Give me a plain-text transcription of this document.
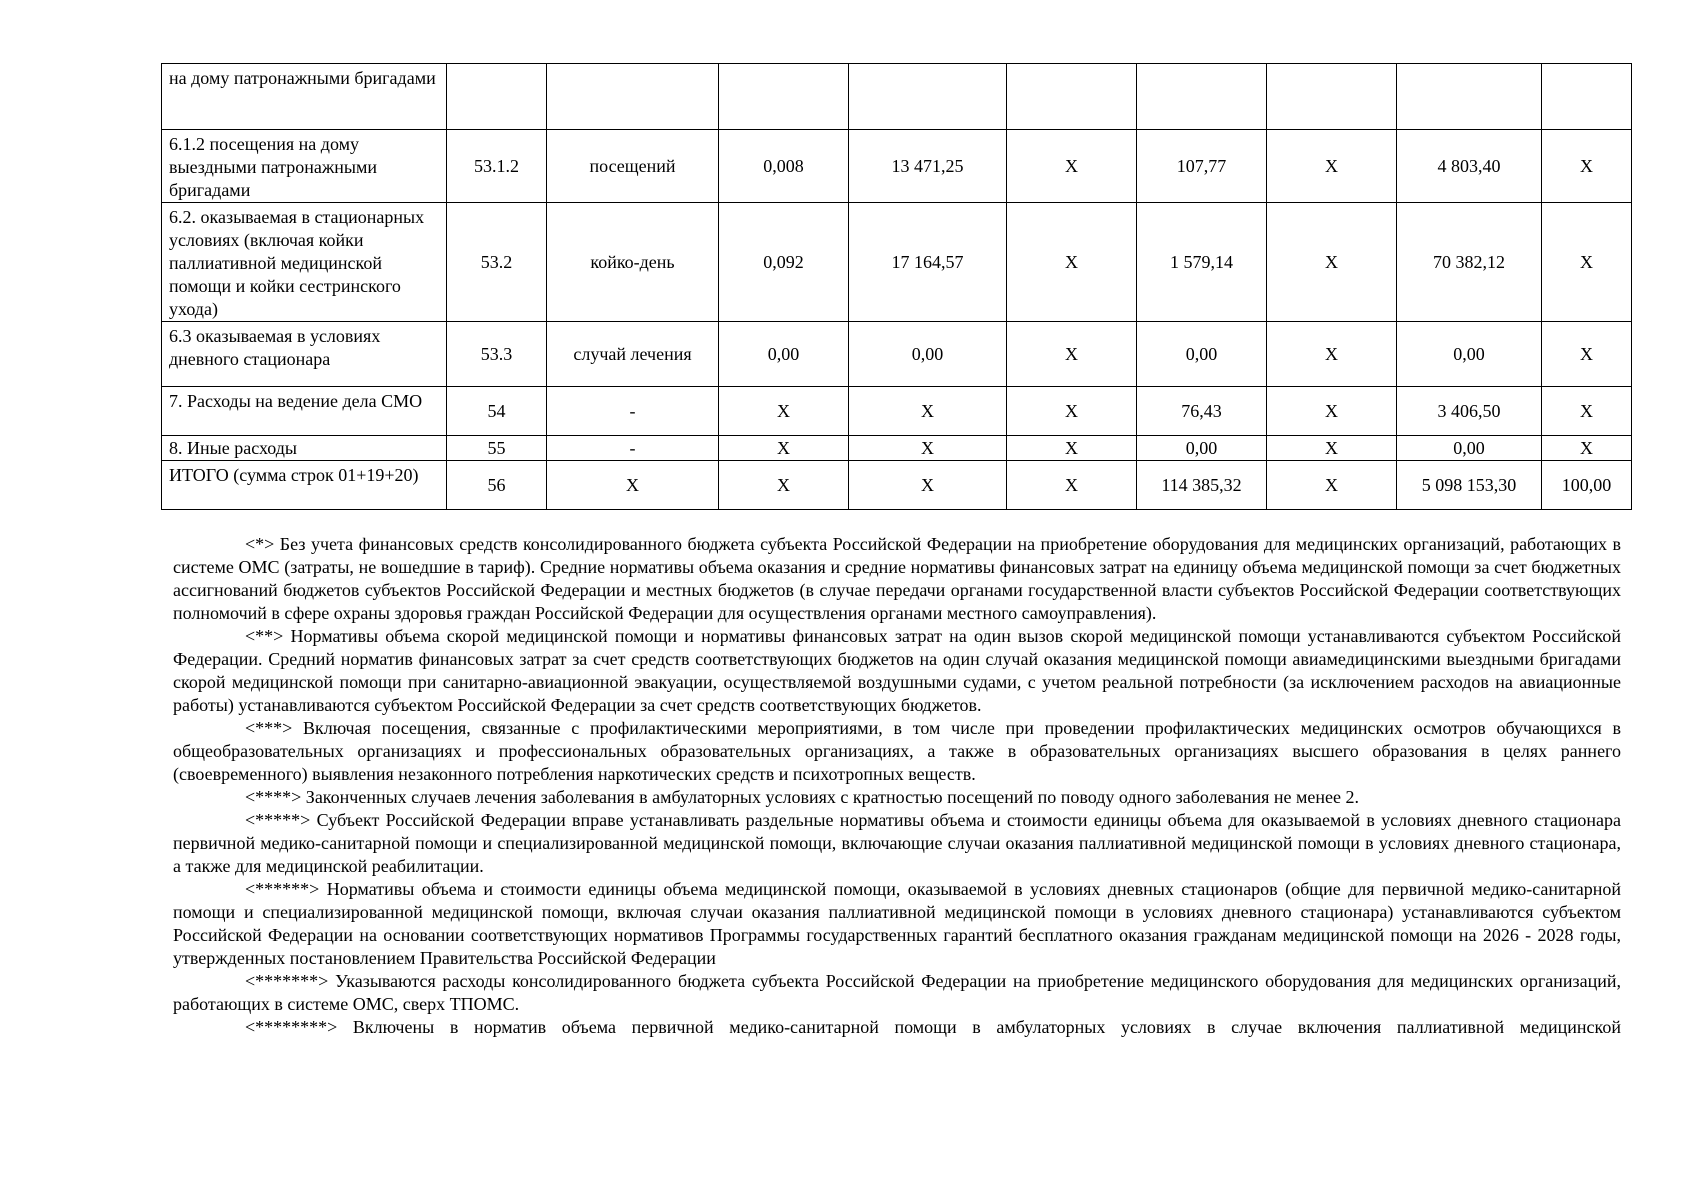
на дому патронажными бригадами									
6.1.2 посещения на дому выездными патронажными бригадами	53.1.2	посещений	0,008	13 471,25	X	107,77	X	4 803,40	X
6.2. оказываемая в стационарных условиях (включая койки паллиативной медицинской помощи и койки сестринского ухода)	53.2	койко-день	0,092	17 164,57	X	1 579,14	X	70 382,12	X
6.3 оказываемая в условиях дневного стационара	53.3	случай лечения	0,00	0,00	X	0,00	X	0,00	X
7. Расходы на ведение дела СМО	54	-	X	X	X	76,43	X	3 406,50	X
8. Иные расходы	55	-	X	X	X	0,00	X	0,00	X
ИТОГО (сумма строк 01+19+20)	56	X	X	X	X	114 385,32	X	5 098 153,30	100,00

<*> Без учета финансовых средств консолидированного бюджета субъекта Российской Федерации на приобретение оборудования для медицинских организаций, работающих в системе ОМС (затраты, не вошедшие в тариф). Средние нормативы объема оказания и средние нормативы финансовых затрат на единицу объема медицинской помощи за счет бюджетных ассигнований бюджетов субъектов Российской Федерации и местных бюджетов (в случае передачи органами государственной власти субъектов Российской Федерации соответствующих полномочий в сфере охраны здоровья граждан Российской Федерации для осуществления органами местного самоуправления).

<**> Нормативы объема скорой медицинской помощи и нормативы финансовых затрат на один вызов скорой медицинской помощи устанавливаются субъектом Российской Федерации. Средний норматив финансовых затрат за счет средств соответствующих бюджетов на один случай оказания медицинской помощи авиамедицинскими выездными бригадами скорой медицинской помощи при санитарно-авиационной эвакуации, осуществляемой воздушными судами, с учетом реальной потребности (за исключением расходов на авиационные работы) устанавливаются субъектом Российской Федерации за счет средств соответствующих бюджетов.

<***> Включая посещения, связанные с профилактическими мероприятиями, в том числе при проведении профилактических медицинских осмотров обучающихся в общеобразовательных организациях и профессиональных образовательных организациях, а также в образовательных организациях высшего образования в целях раннего (своевременного) выявления незаконного потребления наркотических средств и психотропных веществ.

<****> Законченных случаев лечения заболевания в амбулаторных условиях с кратностью посещений по поводу одного заболевания не менее 2.

<*****> Субъект Российской Федерации вправе устанавливать раздельные нормативы объема и стоимости единицы объема для оказываемой в условиях дневного стационара первичной медико-санитарной помощи и специализированной медицинской помощи, включающие случаи оказания паллиативной медицинской помощи в условиях дневного стационара, а также для медицинской реабилитации.

<******> Нормативы объема и стоимости единицы объема медицинской помощи, оказываемой в условиях дневных стационаров (общие для первичной медико-санитарной помощи и специализированной медицинской помощи, включая случаи оказания паллиативной медицинской помощи в условиях дневного стационара) устанавливаются субъектом Российской Федерации на основании соответствующих нормативов Программы государственных гарантий бесплатного оказания гражданам медицинской помощи на 2026 - 2028 годы, утвержденных постановлением Правительства Российской Федерации

<*******> Указываются расходы консолидированного бюджета субъекта Российской Федерации на приобретение медицинского оборудования для медицинских организаций, работающих в системе ОМС, сверх ТПОМС.

<********> Включены в норматив объема первичной медико-санитарной помощи в амбулаторных условиях в случае включения паллиативной медицинской
